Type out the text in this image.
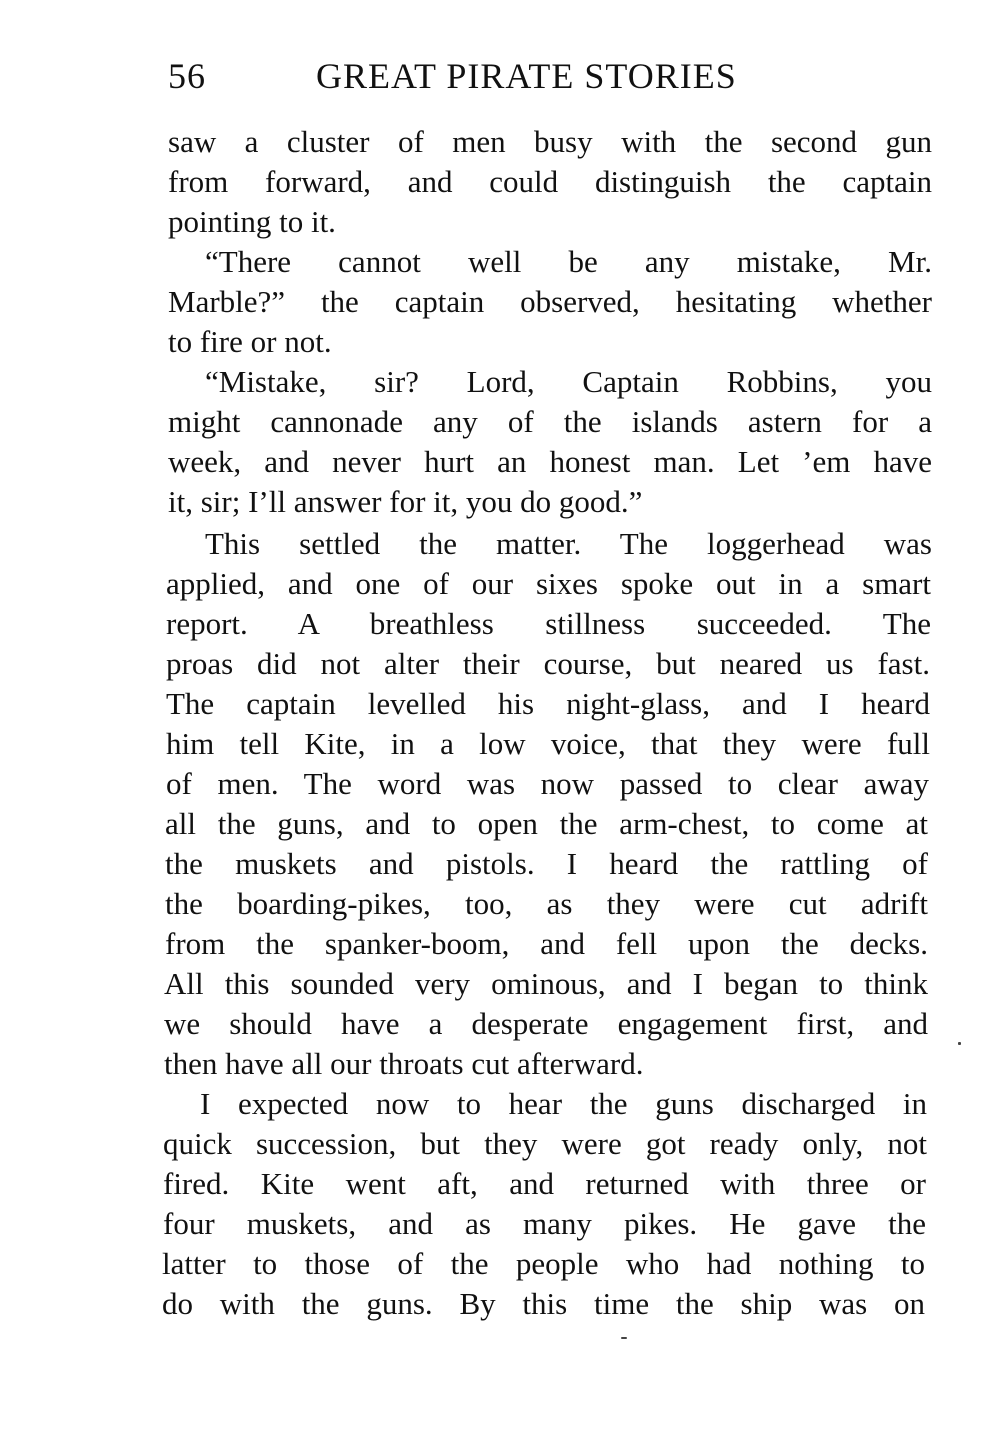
56	GREAT PIRATE STORIES
saw a cluster of men busy with the second gun
from forward, and could distinguish the captain
pointing to it.
“There cannot well be any mistake, Mr.
Marble?” the captain observed, hesitating whether
to fire or not.
“Mistake, sir? Lord, Captain Robbins, you
might cannonade any of the islands astern for a
week, and never hurt an honest man. Let ’em have
it, sir; I’ll answer for it, you do good.”
This settled the matter. The loggerhead was
applied, and one of our sixes spoke out in a smart
report. A breathless stillness succeeded. The
proas did not alter their course, but neared us fast.
The captain levelled his night-glass, and I heard
him tell Kite, in a low voice, that they were full
of men. The word was now passed to clear away
all the guns, and to open the arm-chest, to come at
the muskets and pistols. I heard the rattling of
the boarding-pikes, too, as they were cut adrift
from the spanker-boom, and fell upon the decks.
All this sounded very ominous, and I began to think
we should have a desperate engagement first, and
then have all our throats cut afterward.
I expected now to hear the guns discharged in
quick succession, but they were got ready only, not
fired. Kite went aft, and returned with three or
four muskets, and as many pikes. He gave the
latter to those of the people who had nothing to
do with the guns. By this time the ship was on
